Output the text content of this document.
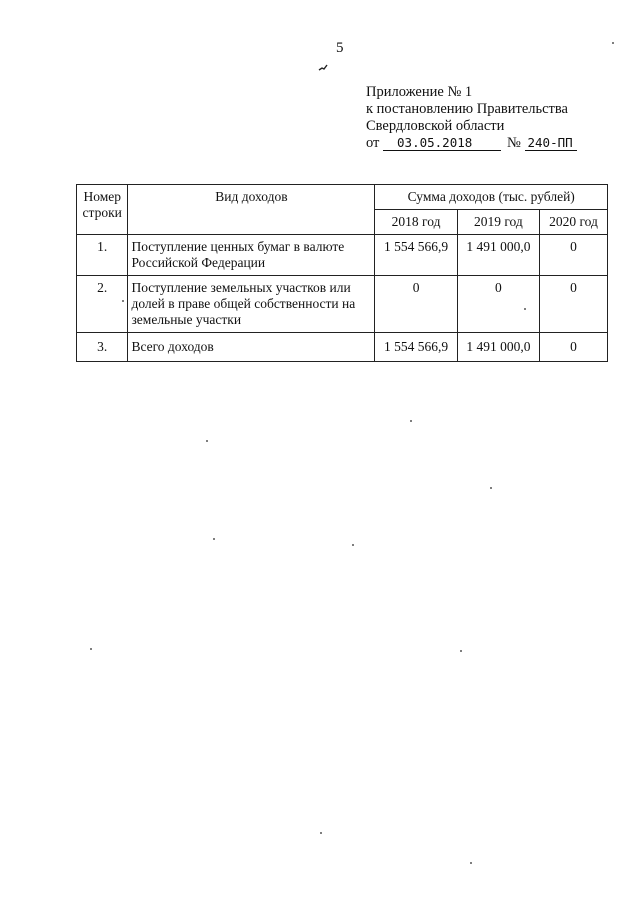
5
Приложение № 1
к постановлению Правительства
Свердловской области
от 03.05.2018 № 240-ПП
Номер строки	Вид доходов	Сумма доходов (тыс. рублей)		
		2018 год	2019 год	2020 год
1.	Поступление ценных бумаг в валюте Российской Федерации	1 554 566,9	1 491 000,0	0
2.	Поступление земельных участков или долей в праве общей собственности на земельные участки	0	0	0
3.	Всего доходов	1 554 566,9	1 491 000,0	0
